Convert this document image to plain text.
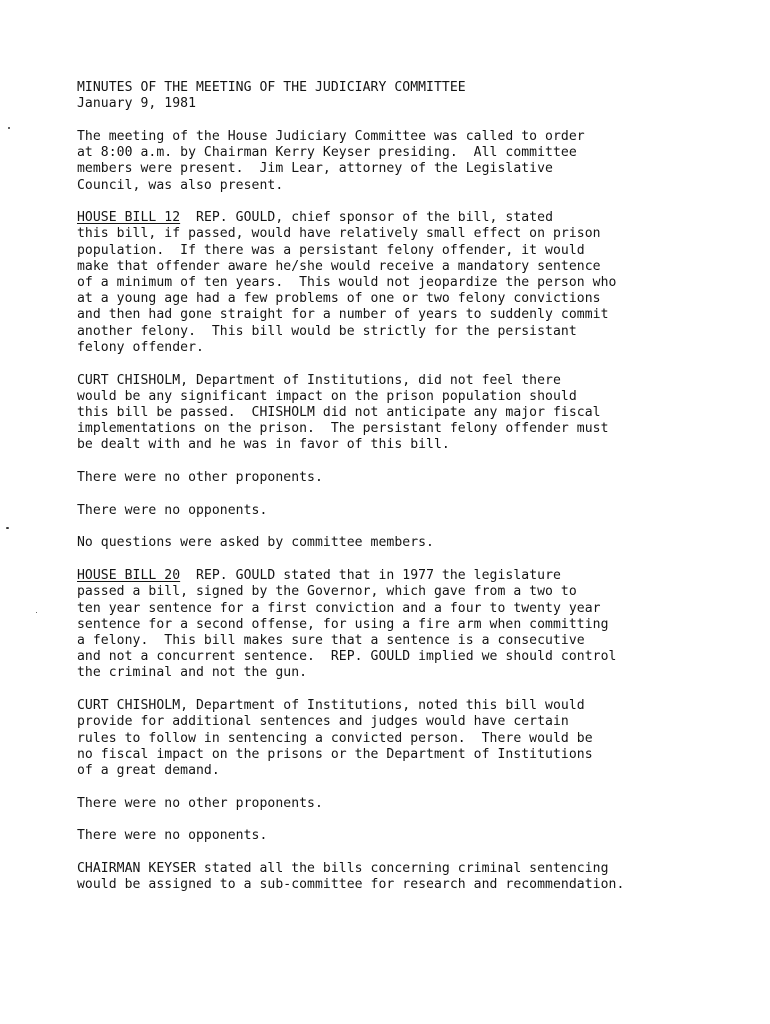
MINUTES OF THE MEETING OF THE JUDICIARY COMMITTEE
January 9, 1981
The meeting of the House Judiciary Committee was called to order
at 8:00 a.m. by Chairman Kerry Keyser presiding.  All committee
members were present.  Jim Lear, attorney of the Legislative
Council, was also present.
HOUSE BILL 12  REP. GOULD, chief sponsor of the bill, stated
this bill, if passed, would have relatively small effect on prison
population.  If there was a persistant felony offender, it would
make that offender aware he/she would receive a mandatory sentence
of a minimum of ten years.  This would not jeopardize the person who
at a young age had a few problems of one or two felony convictions
and then had gone straight for a number of years to suddenly commit
another felony.  This bill would be strictly for the persistant
felony offender.
CURT CHISHOLM, Department of Institutions, did not feel there
would be any significant impact on the prison population should
this bill be passed.  CHISHOLM did not anticipate any major fiscal
implementations on the prison.  The persistant felony offender must
be dealt with and he was in favor of this bill.
There were no other proponents.
There were no opponents.
No questions were asked by committee members.
HOUSE BILL 20  REP. GOULD stated that in 1977 the legislature
passed a bill, signed by the Governor, which gave from a two to
ten year sentence for a first conviction and a four to twenty year
sentence for a second offense, for using a fire arm when committing
a felony.  This bill makes sure that a sentence is a consecutive
and not a concurrent sentence.  REP. GOULD implied we should control
the criminal and not the gun.
CURT CHISHOLM, Department of Institutions, noted this bill would
provide for additional sentences and judges would have certain
rules to follow in sentencing a convicted person.  There would be
no fiscal impact on the prisons or the Department of Institutions
of a great demand.
There were no other proponents.
There were no opponents.
CHAIRMAN KEYSER stated all the bills concerning criminal sentencing
would be assigned to a sub-committee for research and recommendation.
